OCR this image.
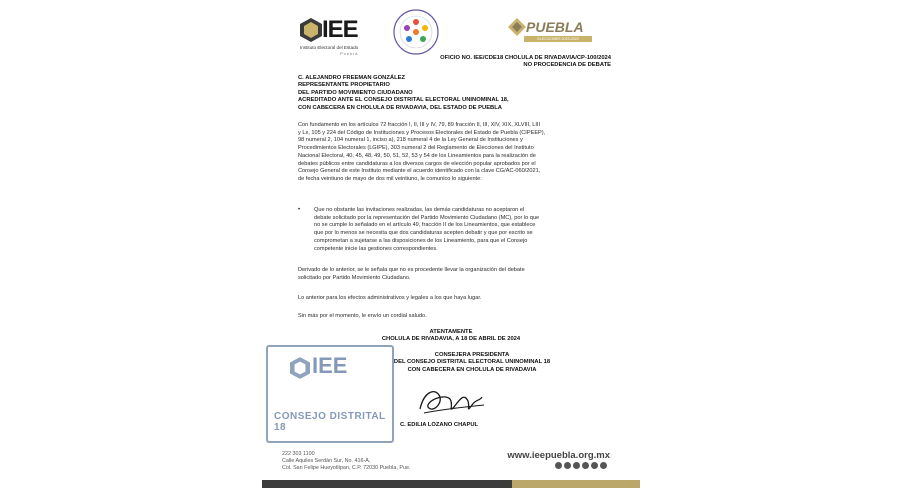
IEE
Instituto Electoral del Estado
Puebla
PUEBLA
ELECCIONES 2023-2024
OFICIO NO. IEE/CDE18 CHOLULA DE RIVADAVIA/CP-100/2024
NO PROCEDENCIA DE DEBATE
C. ALEJANDRO FREEMAN GONZÁLEZ
REPRESENTANTE PROPIETARIO
DEL PARTIDO MOVIMIENTO CIUDADANO
ACREDITADO ANTE EL CONSEJO DISTRITAL ELECTORAL UNINOMINAL 18,
CON CABECERA EN CHOLULA DE RIVADAVIA, DEL ESTADO DE PUEBLA
Con fundamento en los artículos 72 fracción I, II, III y IV, 79, 89 fracción II, III, XIV, XIX, XLVIII, LIII
y Lx, 105 y 224 del Código de Instituciones y Procesos Electorales del Estado de Puebla (CIPEEP),
98 numeral 2, 104 numeral 1, inciso a), 218 numeral 4 de la Ley General de Instituciones y
Procedimientos Electorales (LGIPE), 303 numeral 2 del Reglamento de Elecciones del Instituto
Nacional Electoral, 40, 45, 48, 49, 50, 51, 52, 53 y 54 de los Lineamientos para la realización de
debates públicos entre candidaturas a los diversos cargos de elección popular aprobados por el
Consejo General de este Instituto mediante el acuerdo identificado con la clave CG/AC-060/2021,
de fecha veintiuno de mayo de dos mil veintiuno, le comunico lo siguiente:
• Que no obstante las invitaciones realizadas, las demás candidaturas no aceptaron el
debate solicitado por la representación del Partido Movimiento Ciudadano (MC), por lo que
no se cumple lo señalado en el artículo 49, fracción II de los Lineamientos, que establece
que por lo menos se necesita que dos candidaturas acepten debatir y que por escrito se
comprometan a sujetarse a las disposiciones de los Lineamiento, para que el Consejo
competente inicie las gestiones correspondientes.
Derivado de lo anterior, se le señala que no es procedente llevar la organización del debate
solicitado por Partido Movimiento Ciudadano.
Lo anterior para los efectos administrativos y legales a los que haya lugar.
Sin más por el momento, le envío un cordial saludo.
ATENTAMENTE
CHOLULA DE RIVADAVIA, A 18 DE ABRIL DE 2024
CONSEJERA PRESIDENTA
DEL CONSEJO DISTRITAL ELECTORAL UNINOMINAL 18
CON CABECERA EN CHOLULA DE RIVADAVIA
C. EDILIA LOZANO CHAPUL
IEE
CONSEJO DISTRITAL 18
222 303 1100
Calle Aquiles Serdán Sur, No. 416-A,
Col. San Felipe Hueyotlipan, C.P. 72030 Puebla, Pue.
www.ieepuebla.org.mx
